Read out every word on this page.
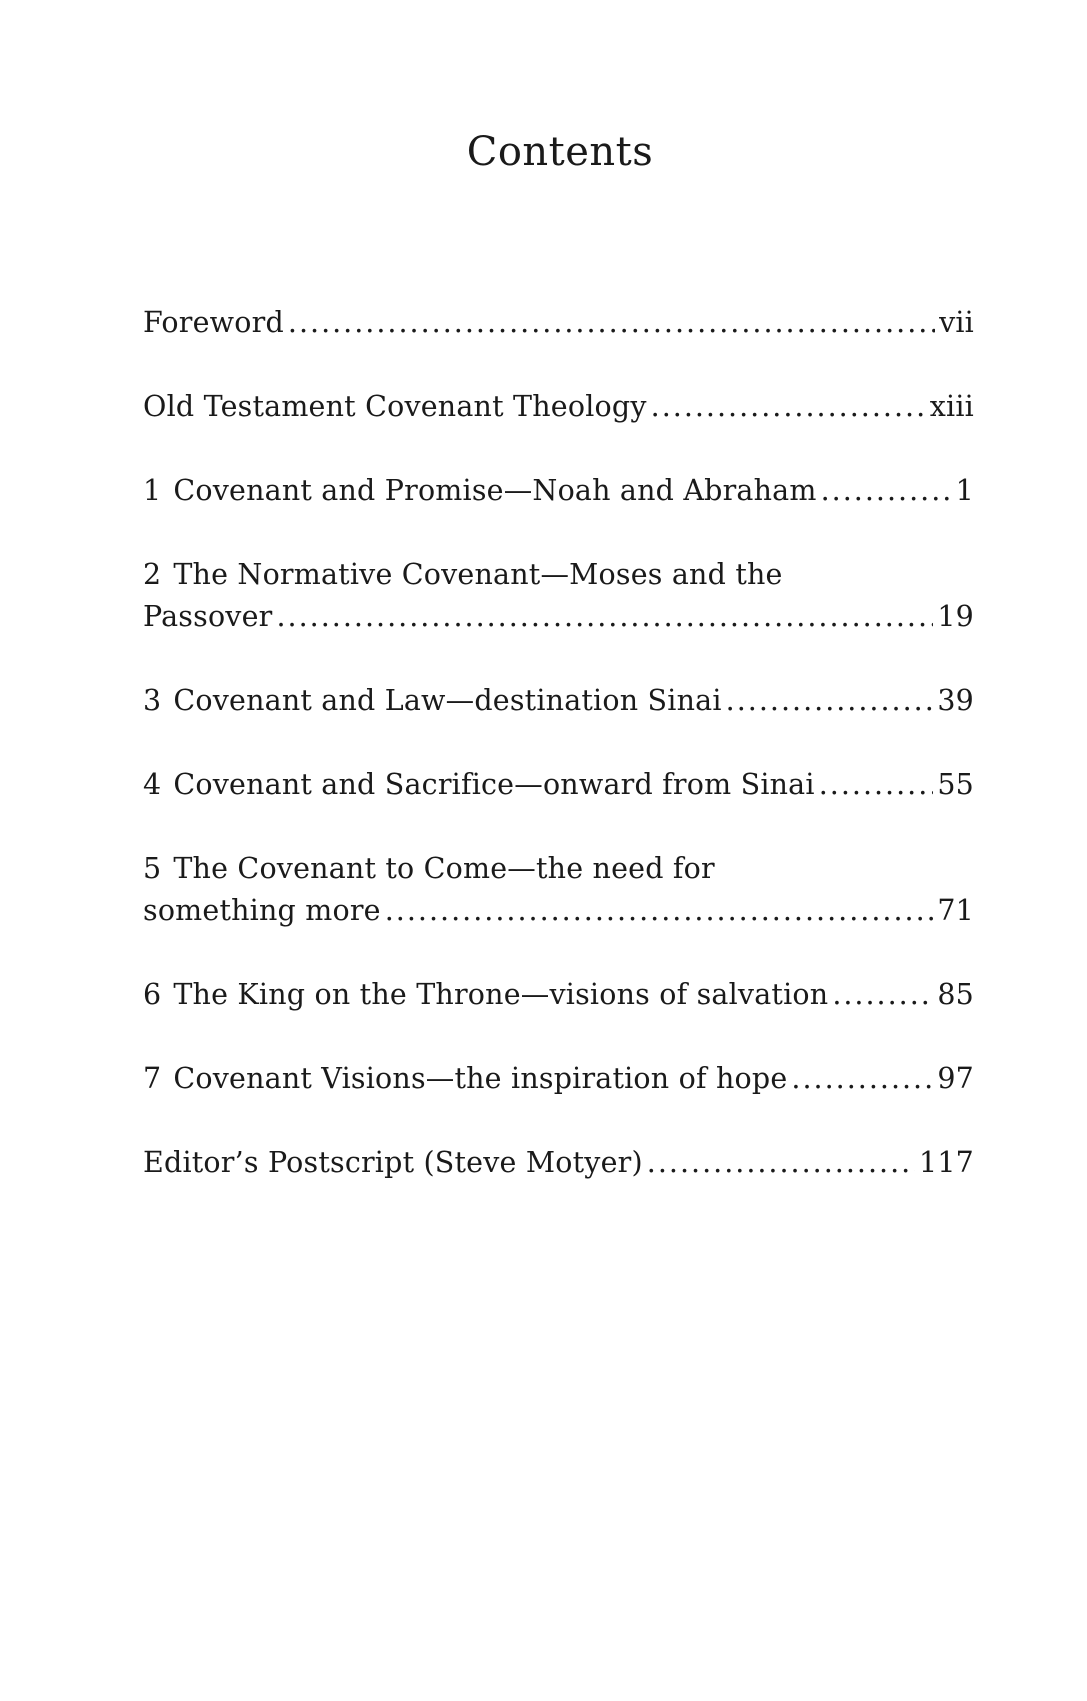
Contents
Foreword .....	vii
Old Testament Covenant Theology .....	xiii
1 Covenant and Promise—Noah and Abraham .....	1
2 The Normative Covenant—Moses and the
Passover .....	19
3 Covenant and Law—destination Sinai .....	39
4 Covenant and Sacrifice—onward from Sinai .....	55
5 The Covenant to Come—the need for
something more .....	71
6 The King on the Throne—visions of salvation .....	85
7 Covenant Visions—the inspiration of hope .....	97
Editor’s Postscript (Steve Motyer) .....	117
